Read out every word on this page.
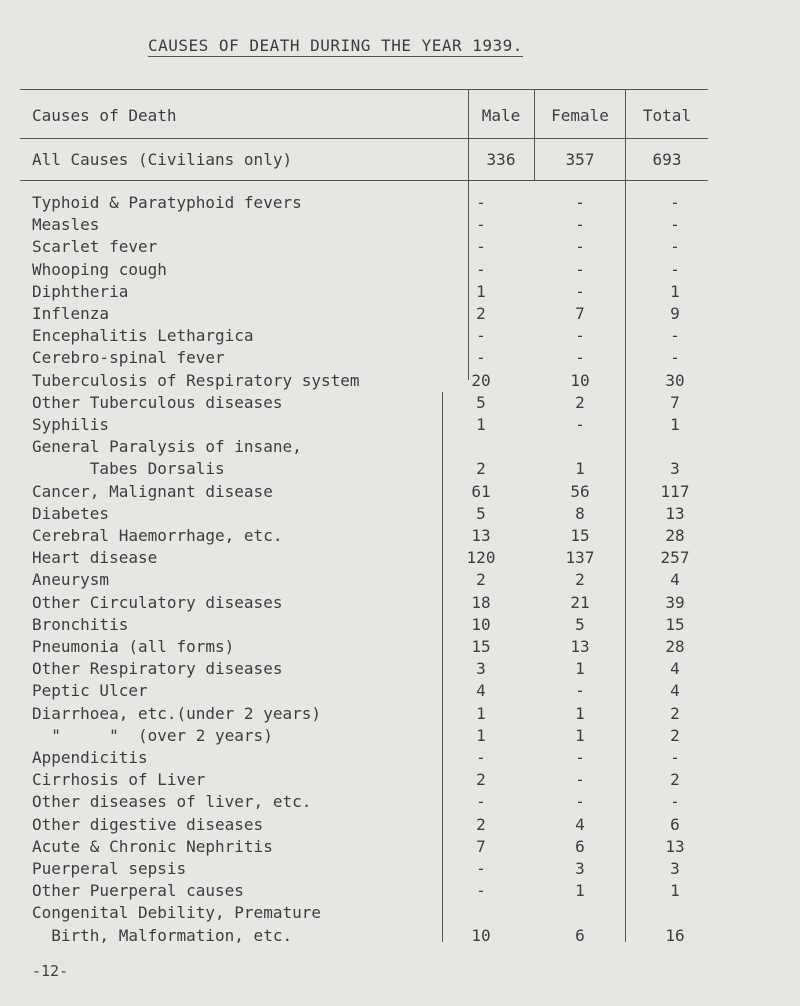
CAUSES OF DEATH DURING THE YEAR 1939.
Causes of Death	Male	Female	Total
All Causes (Civilians only)	336	357	693
Typhoid & Paratyphoid fevers	-	-	-
Measles	-	-	-
Scarlet fever	-	-	-
Whooping cough	-	-	-
Diphtheria	1	-	1
Inflenza	2	7	9
Encephalitis Lethargica	-	-	-
Cerebro-spinal fever	-	-	-
Tuberculosis of Respiratory system	20	10	30
Other Tuberculous diseases	5	2	7
Syphilis	1	-	1
General Paralysis of insane,
Tabes Dorsalis	2	1	3
Cancer, Malignant disease	61	56	117
Diabetes	5	8	13
Cerebral Haemorrhage, etc.	13	15	28
Heart disease	120	137	257
Aneurysm	2	2	4
Other Circulatory diseases	18	21	39
Bronchitis	10	5	15
Pneumonia (all forms)	15	13	28
Other Respiratory diseases	3	1	4
Peptic Ulcer	4	-	4
Diarrhoea, etc.(under 2 years)	1	1	2
"     "  (over 2 years)	1	1	2
Appendicitis	-	-	-
Cirrhosis of Liver	2	-	2
Other diseases of liver, etc.	-	-	-
Other digestive diseases	2	4	6
Acute & Chronic Nephritis	7	6	13
Puerperal sepsis	-	3	3
Other Puerperal causes	-	1	1
Congenital Debility, Premature
Birth, Malformation, etc.	10	6	16
-12-
